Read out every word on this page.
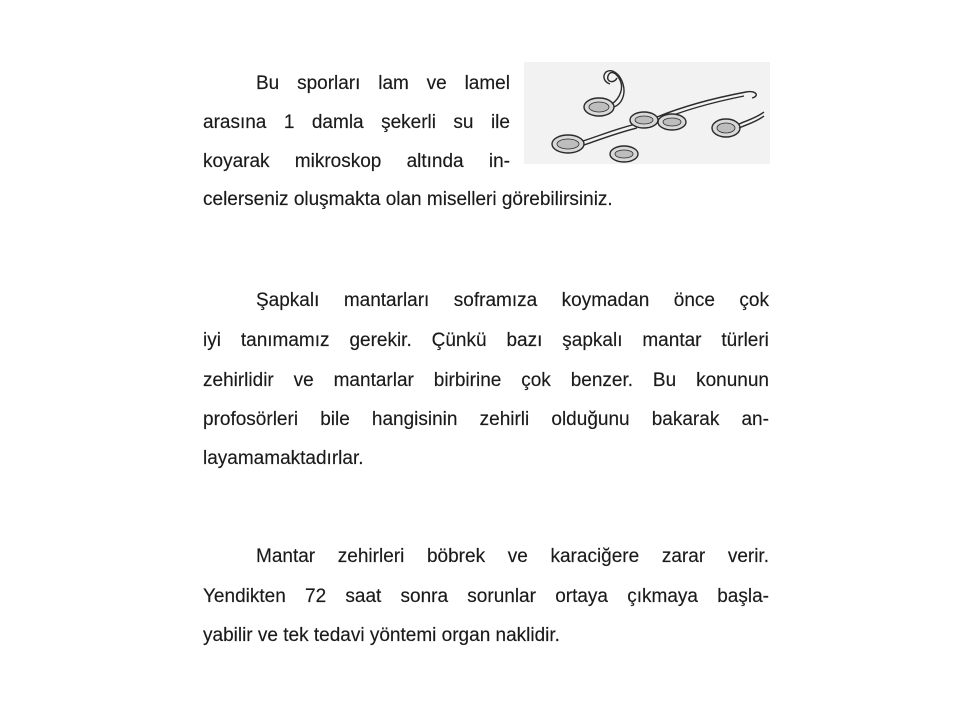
Bu sporları lam ve lamel
arasına 1 damla şekerli su ile
koyarak mikroskop altında in-
celerseniz oluşmakta olan miselleri görebilirsiniz.
Şapkalı mantarları soframıza koymadan önce çok
iyi tanımamız gerekir. Çünkü bazı şapkalı mantar türleri
zehirlidir ve mantarlar birbirine çok benzer. Bu konunun
profosörleri bile hangisinin zehirli olduğunu bakarak an-
layamamaktadırlar.
Mantar zehirleri böbrek ve karaciğere zarar verir.
Yendikten 72 saat sonra sorunlar ortaya çıkmaya başla-
yabilir ve tek tedavi yöntemi organ naklidir.
